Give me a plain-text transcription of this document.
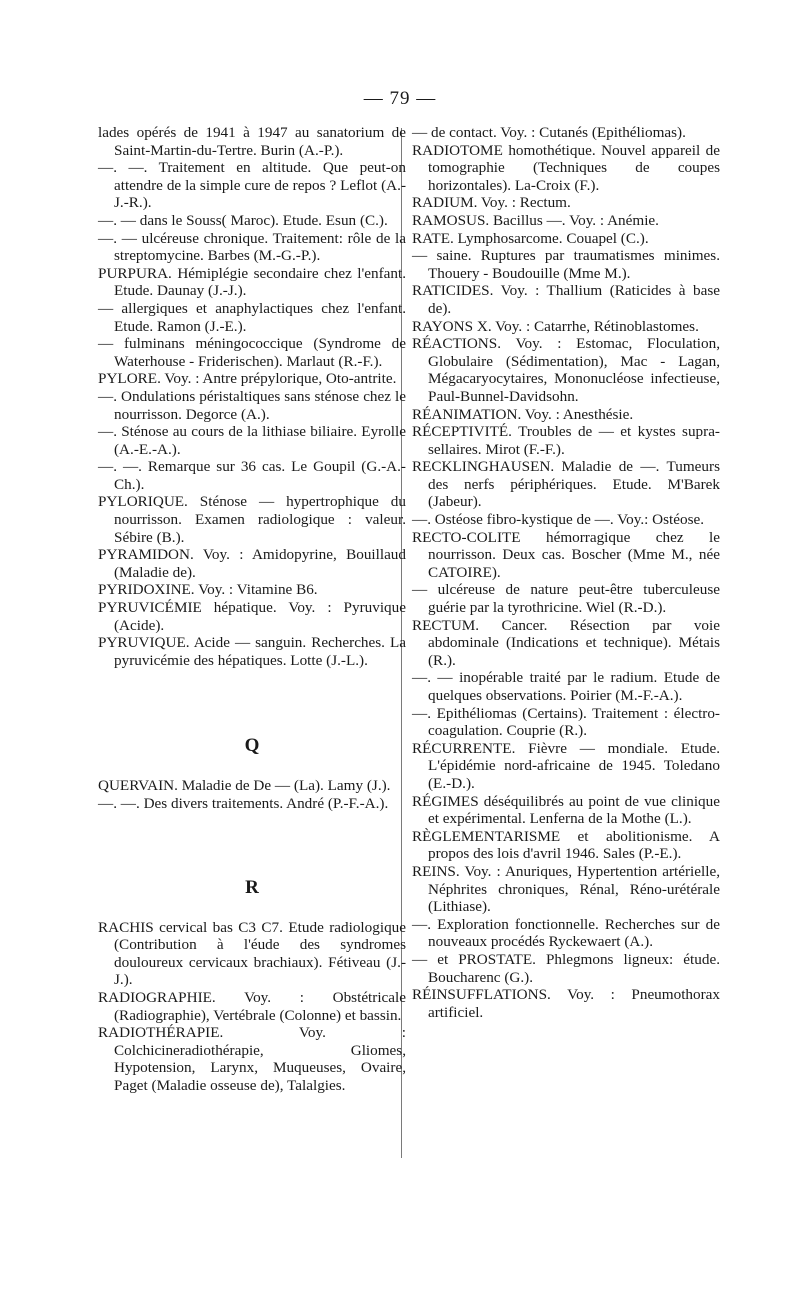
— 79 —

lades opérés de 1941 à 1947 au sanatorium de Saint-Martin-du-Tertre. Burin (A.-P.).

—. —. Traitement en altitude. Que peut-on attendre de la simple cure de repos ? Leflot (A.-J.-R.).

—. — dans le Souss( Maroc). Etude. Esun (C.).

—. — ulcéreuse chronique. Traitement: rôle de la streptomycine. Barbes (M.-G.-P.).

PURPURA. Hémiplégie secondaire chez l'enfant. Etude. Daunay (J.-J.).

— allergiques et anaphylactiques chez l'enfant. Etude. Ramon (J.-E.).

— fulminans méningococcique (Syndrome de Waterhouse - Friderischen). Marlaut (R.-F.).

PYLORE. Voy. : Antre prépylorique, Oto-antrite.

—. Ondulations péristaltiques sans sténose chez le nourrisson. Degorce (A.).

—. Sténose au cours de la lithiase biliaire. Eyrolle (A.-E.-A.).

—. —. Remarque sur 36 cas. Le Goupil (G.-A.-Ch.).

PYLORIQUE. Sténose — hypertrophique du nourrisson. Examen radiologique : valeur. Sébire (B.).

PYRAMIDON. Voy. : Amidopyrine, Bouillaud (Maladie de).

PYRIDOXINE. Voy. : Vitamine B6.

PYRUVICÉMIE hépatique. Voy. : Pyruvique (Acide).

PYRUVIQUE. Acide — sanguin. Recherches. La pyruvicémie des hépatiques. Lotte (J.-L.).

Q

QUERVAIN. Maladie de De — (La). Lamy (J.).

—. —. Des divers traitements. André (P.-F.-A.).

R

RACHIS cervical bas C3 C7. Etude radiologique (Contribution à l'éude des syndromes douloureux cervicaux brachiaux). Fétiveau (J.-J.).

RADIOGRAPHIE. Voy. : Obstétricale (Radiographie), Vertébrale (Colonne) et bassin.

RADIOTHÉRAPIE. Voy. : Colchicineradiothérapie, Gliomes, Hypotension, Larynx, Muqueuses, Ovaire, Paget (Maladie osseuse de), Talalgies.

— de contact. Voy. : Cutanés (Epithéliomas).

RADIOTOME homothétique. Nouvel appareil de tomographie (Techniques de coupes horizontales). La-Croix (F.).

RADIUM. Voy. : Rectum.

RAMOSUS. Bacillus —. Voy. : Anémie.

RATE. Lymphosarcome. Couapel (C.).

— saine. Ruptures par traumatismes minimes. Thouery - Boudouille (Mme M.).

RATICIDES. Voy. : Thallium (Raticides à base de).

RAYONS X. Voy. : Catarrhe, Rétinoblastomes.

RÉACTIONS. Voy. : Estomac, Floculation, Globulaire (Sédimentation), Mac - Lagan, Mégacaryocytaires, Mononucléose infectieuse, Paul-Bunnel-Davidsohn.

RÉANIMATION. Voy. : Anesthésie.

RÉCEPTIVITÉ. Troubles de — et kystes supra-sellaires. Mirot (F.-F.).

RECKLINGHAUSEN. Maladie de —. Tumeurs des nerfs périphériques. Etude. M'Barek (Jabeur).

—. Ostéose fibro-kystique de —. Voy.: Ostéose.

RECTO-COLITE hémorragique chez le nourrisson. Deux cas. Boscher (Mme M., née CATOIRE).

— ulcéreuse de nature peut-être tuberculeuse guérie par la tyrothricine. Wiel (R.-D.).

RECTUM. Cancer. Résection par voie abdominale (Indications et technique). Métais (R.).

—. — inopérable traité par le radium. Etude de quelques observations. Poirier (M.-F.-A.).

—. Epithéliomas (Certains). Traitement : électro-coagulation. Couprie (R.).

RÉCURRENTE. Fièvre — mondiale. Etude. L'épidémie nord-africaine de 1945. Toledano (E.-D.).

RÉGIMES déséquilibrés au point de vue clinique et expérimental. Lenferna de la Mothe (L.).

RÈGLEMENTARISME et abolitionisme. A propos des lois d'avril 1946. Sales (P.-E.).

REINS. Voy. : Anuriques, Hypertention artérielle, Néphrites chroniques, Rénal, Réno-urétérale (Lithiase).

—. Exploration fonctionnelle. Recherches sur de nouveaux procédés Ryckewaert (A.).

— et PROSTATE. Phlegmons ligneux: étude. Boucharenc (G.).

RÉINSUFFLATIONS. Voy. : Pneumothorax artificiel.
